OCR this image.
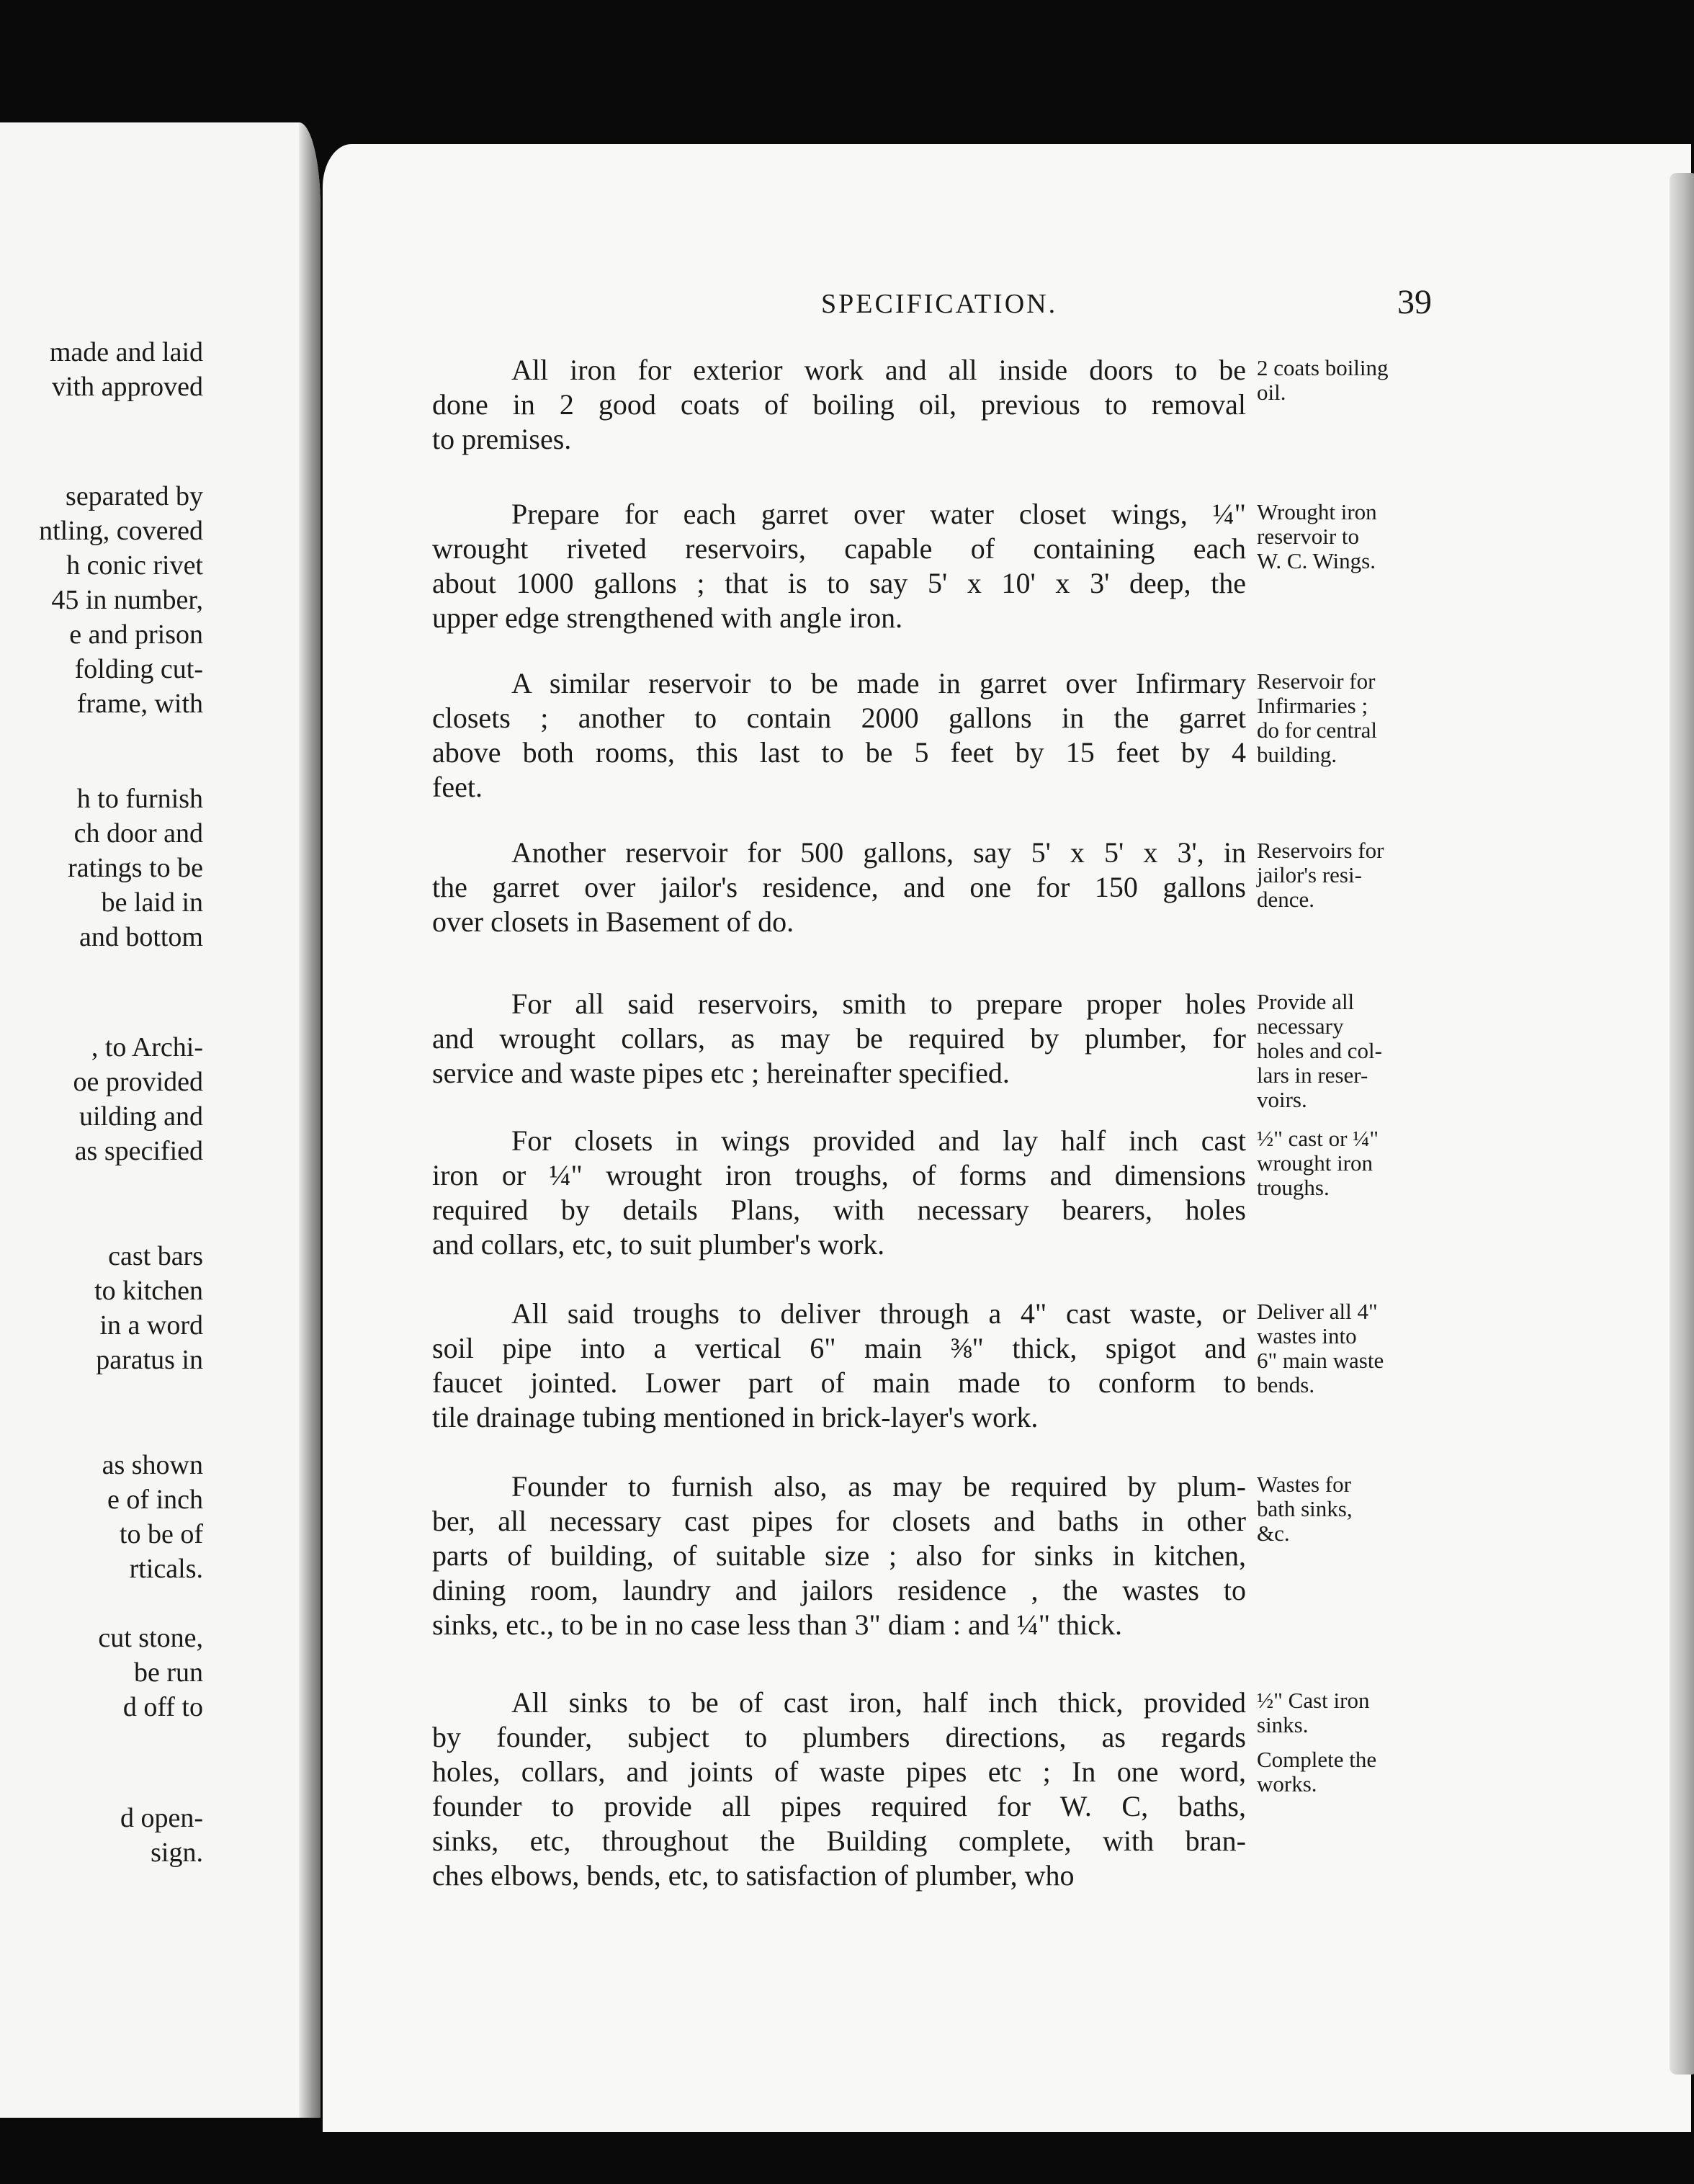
made and laid
vith approved
separated by
ntling, covered
h conic rivet
45 in number,
e and prison
folding cut-
frame, with
h to furnish
ch door and
ratings to be
be laid in
and bottom
, to Archi-
oe provided
uilding and
as specified
cast bars
to kitchen
in a word
paratus in
as shown
e of inch
to be of
rticals.
cut stone,
be run
d off to
d open-
sign.
SPECIFICATION.	39
All iron for exterior work and all inside doors to be
done in 2 good coats of boiling oil, previous to removal
to premises.
2 coats boiling
oil.
Prepare for each garret over water closet wings, ¼"
wrought riveted reservoirs, capable of containing each
about 1000 gallons ; that is to say 5' x 10' x 3' deep, the
upper edge strengthened with angle iron.
Wrought iron
reservoir to
W. C. Wings.
A similar reservoir to be made in garret over Infirmary
closets ; another to contain 2000 gallons in the garret
above both rooms, this last to be 5 feet by 15 feet by 4
feet.
Reservoir for
Infirmaries ;
do for central
building.
Another reservoir for 500 gallons, say 5' x 5' x 3', in
the garret over jailor's residence, and one for 150 gallons
over closets in Basement of do.
Reservoirs for
jailor's resi-
dence.
For all said reservoirs, smith to prepare proper holes
and wrought collars, as may be required by plumber, for
service and waste pipes etc ; hereinafter specified.
Provide all
necessary
holes and col-
lars in reser-
voirs.
For closets in wings provided and lay half inch cast
iron or ¼" wrought iron troughs, of forms and dimensions
required by details Plans, with necessary bearers, holes
and collars, etc, to suit plumber's work.
½" cast or ¼"
wrought iron
troughs.
All said troughs to deliver through a 4" cast waste, or
soil pipe into a vertical 6" main ⅜" thick, spigot and
faucet jointed. Lower part of main made to conform to
tile drainage tubing mentioned in brick-layer's work.
Deliver all 4"
wastes into
6" main waste
bends.
Founder to furnish also, as may be required by plum-
ber, all necessary cast pipes for closets and baths in other
parts of building, of suitable size ; also for sinks in kitchen,
dining room, laundry and jailors residence , the wastes to
sinks, etc., to be in no case less than 3" diam : and ¼" thick.
Wastes for
bath sinks,
&c.
All sinks to be of cast iron, half inch thick, provided
by founder, subject to plumbers directions, as regards
holes, collars, and joints of waste pipes etc ; In one word,
founder to provide all pipes required for W. C, baths,
sinks, etc, throughout the Building complete, with bran-
ches elbows, bends, etc, to satisfaction of plumber, who
½" Cast iron
sinks.

Complete the
works.
